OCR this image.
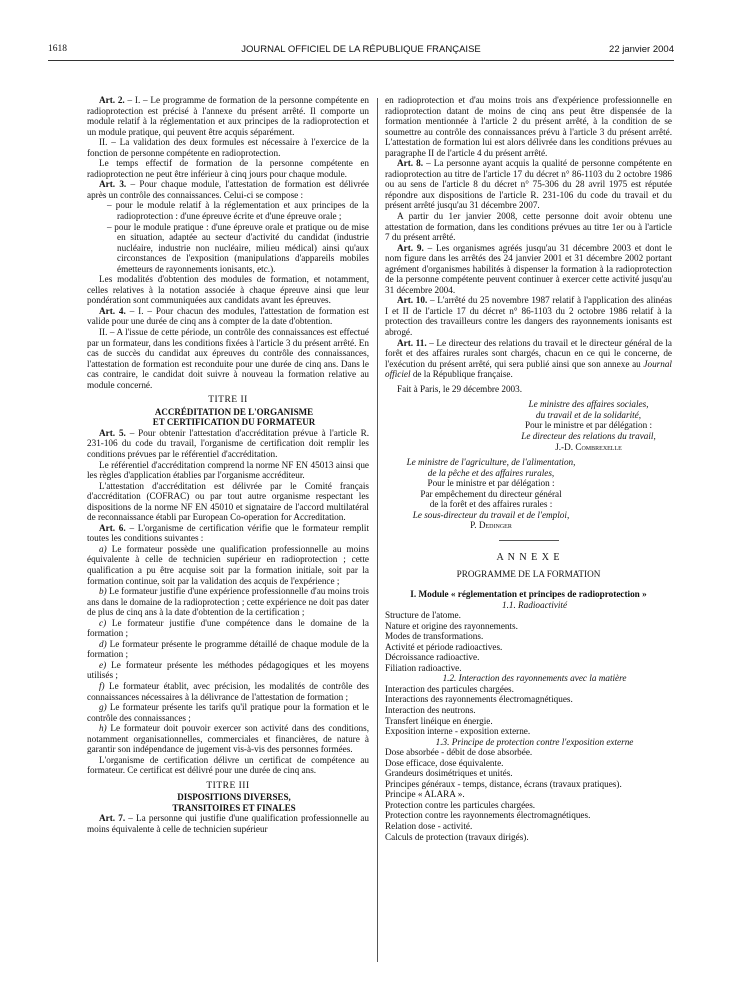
1618	JOURNAL OFFICIEL DE LA RÉPUBLIQUE FRANÇAISE	22 janvier 2004

Art. 2. – I. – Le programme de formation de la personne compétente en radioprotection est précisé à l'annexe du présent arrêté. Il comporte un module relatif à la réglementation et aux principes de la radioprotection et un module pratique, qui peuvent être acquis séparément.

II. – La validation des deux formules est nécessaire à l'exercice de la fonction de personne compétente en radioprotection.

Le temps effectif de formation de la personne compétente en radioprotection ne peut être inférieur à cinq jours pour chaque module.

Art. 3. – Pour chaque module, l'attestation de formation est délivrée après un contrôle des connaissances. Celui-ci se compose :

– pour le module relatif à la réglementation et aux principes de la radioprotection : d'une épreuve écrite et d'une épreuve orale ;

– pour le module pratique : d'une épreuve orale et pratique ou de mise en situation, adaptée au secteur d'activité du candidat (industrie nucléaire, industrie non nucléaire, milieu médical) ainsi qu'aux circonstances de l'exposition (manipulations d'appareils mobiles émetteurs de rayonnements ionisants, etc.).

Les modalités d'obtention des modules de formation, et notamment, celles relatives à la notation associée à chaque épreuve ainsi que leur pondération sont communiquées aux candidats avant les épreuves.

Art. 4. – I. – Pour chacun des modules, l'attestation de formation est valide pour une durée de cinq ans à compter de la date d'obtention.

II. – A l'issue de cette période, un contrôle des connaissances est effectué par un formateur, dans les conditions fixées à l'article 3 du présent arrêté. En cas de succès du candidat aux épreuves du contrôle des connaissances, l'attestation de formation est reconduite pour une durée de cinq ans. Dans le cas contraire, le candidat doit suivre à nouveau la formation relative au module concerné.

TITRE II

ACCRÉDITATION DE L'ORGANISME

ET CERTIFICATION DU FORMATEUR

Art. 5. – Pour obtenir l'attestation d'accréditation prévue à l'article R. 231-106 du code du travail, l'organisme de certification doit remplir les conditions prévues par le référentiel d'accréditation.

Le référentiel d'accréditation comprend la norme NF EN 45013 ainsi que les règles d'application établies par l'organisme accréditeur.

L'attestation d'accréditation est délivrée par le Comité français d'accréditation (COFRAC) ou par tout autre organisme respectant les dispositions de la norme NF EN 45010 et signataire de l'accord multilatéral de reconnaissance établi par European Co-operation for Accreditation.

Art. 6. – L'organisme de certification vérifie que le formateur remplit toutes les conditions suivantes :

a) Le formateur possède une qualification professionnelle au moins équivalente à celle de technicien supérieur en radioprotection ; cette qualification a pu être acquise soit par la formation initiale, soit par la formation continue, soit par la validation des acquis de l'expérience ;

b) Le formateur justifie d'une expérience professionnelle d'au moins trois ans dans le domaine de la radioprotection ; cette expérience ne doit pas dater de plus de cinq ans à la date d'obtention de la certification ;

c) Le formateur justifie d'une compétence dans le domaine de la formation ;

d) Le formateur présente le programme détaillé de chaque module de la formation ;

e) Le formateur présente les méthodes pédagogiques et les moyens utilisés ;

f) Le formateur établit, avec précision, les modalités de contrôle des connaissances nécessaires à la délivrance de l'attestation de formation ;

g) Le formateur présente les tarifs qu'il pratique pour la formation et le contrôle des connaissances ;

h) Le formateur doit pouvoir exercer son activité dans des conditions, notamment organisationnelles, commerciales et financières, de nature à garantir son indépendance de jugement vis-à-vis des personnes formées.

L'organisme de certification délivre un certificat de compétence au formateur. Ce certificat est délivré pour une durée de cinq ans.

TITRE III

DISPOSITIONS DIVERSES,

TRANSITOIRES ET FINALES

Art. 7. – La personne qui justifie d'une qualification professionnelle au moins équivalente à celle de technicien supérieur

en radioprotection et d'au moins trois ans d'expérience professionnelle en radioprotection datant de moins de cinq ans peut être dispensée de la formation mentionnée à l'article 2 du présent arrêté, à la condition de se soumettre au contrôle des connaissances prévu à l'article 3 du présent arrêté. L'attestation de formation lui est alors délivrée dans les conditions prévues au paragraphe II de l'article 4 du présent arrêté.

Art. 8. – La personne ayant acquis la qualité de personne compétente en radioprotection au titre de l'article 17 du décret n° 86-1103 du 2 octobre 1986 ou au sens de l'article 8 du décret n° 75-306 du 28 avril 1975 est réputée répondre aux dispositions de l'article R. 231-106 du code du travail et du présent arrêté jusqu'au 31 décembre 2007.

A partir du 1er janvier 2008, cette personne doit avoir obtenu une attestation de formation, dans les conditions prévues au titre 1er ou à l'article 7 du présent arrêté.

Art. 9. – Les organismes agréés jusqu'au 31 décembre 2003 et dont le nom figure dans les arrêtés des 24 janvier 2001 et 31 décembre 2002 portant agrément d'organismes habilités à dispenser la formation à la radioprotection de la personne compétente peuvent continuer à exercer cette activité jusqu'au 31 décembre 2004.

Art. 10. – L'arrêté du 25 novembre 1987 relatif à l'application des alinéas I et II de l'article 17 du décret n° 86-1103 du 2 octobre 1986 relatif à la protection des travailleurs contre les dangers des rayonnements ionisants est abrogé.

Art. 11. – Le directeur des relations du travail et le directeur général de la forêt et des affaires rurales sont chargés, chacun en ce qui le concerne, de l'exécution du présent arrêté, qui sera publié ainsi que son annexe au Journal officiel de la République française.

Fait à Paris, le 29 décembre 2003.

Le ministre des affaires sociales,

du travail et de la solidarité,

Pour le ministre et par délégation :

Le directeur des relations du travail,

J.-D. Combrexelle

Le ministre de l'agriculture, de l'alimentation,

de la pêche et des affaires rurales,

Pour le ministre et par délégation :

Par empêchement du directeur général

de la forêt et des affaires rurales :

Le sous-directeur du travail et de l'emploi,

P. Dedinger

A N N E X E

PROGRAMME DE LA FORMATION

I. Module « réglementation et principes de radioprotection »

1.1. Radioactivité

Structure de l'atome.

Nature et origine des rayonnements.

Modes de transformations.

Activité et période radioactives.

Décroissance radioactive.

Filiation radioactive.

1.2. Interaction des rayonnements avec la matière

Interaction des particules chargées.

Interactions des rayonnements électromagnétiques.

Interaction des neutrons.

Transfert linéique en énergie.

Exposition interne - exposition externe.

1.3. Principe de protection contre l'exposition externe

Dose absorbée - débit de dose absorbée.

Dose efficace, dose équivalente.

Grandeurs dosimétriques et unités.

Principes généraux - temps, distance, écrans (travaux pratiques).

Principe « ALARA ».

Protection contre les particules chargées.

Protection contre les rayonnements électromagnétiques.

Relation dose - activité.

Calculs de protection (travaux dirigés).
